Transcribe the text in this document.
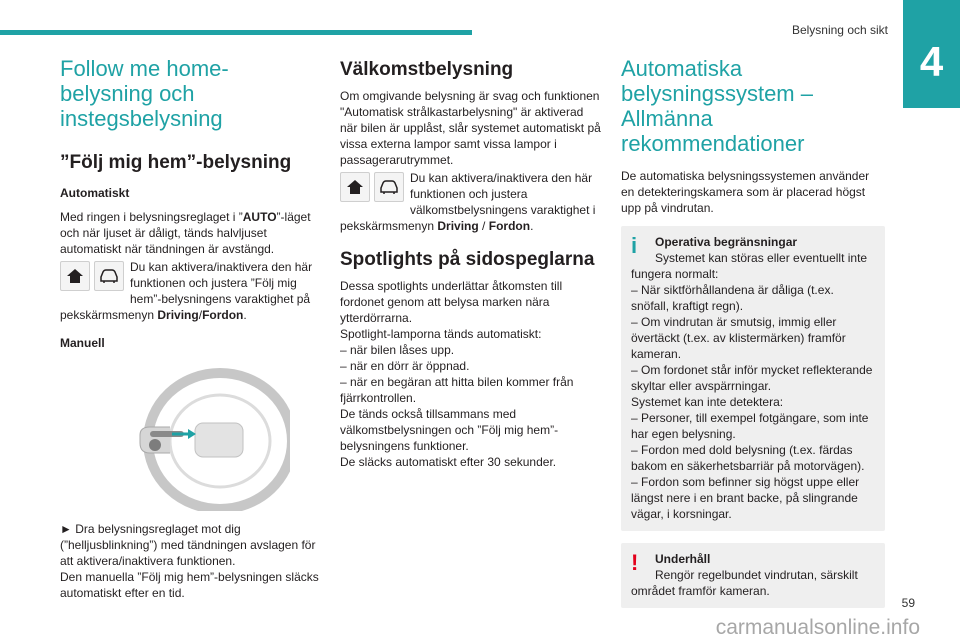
Belysning och sikt
4
Follow me home-belysning och instegsbelysning
”Följ mig hem”-belysning

Automatiskt

Med ringen i belysningsreglaget i ”AUTO”-läget och när ljuset är dåligt, tänds halvljuset automatiskt när tändningen är avstängd.

Du kan aktivera/inaktivera den här funktionen och justera ”Följ mig hem”-belysningens varaktighet på pekskärmsmenyn Driving/Fordon.

Manuell

► Dra belysningsreglaget mot dig (”helljusblinkning”) med tändningen avslagen för att aktivera/inaktivera funktionen.

Den manuella ”Följ mig hem”-belysningen släcks automatiskt efter en tid.

Välkomstbelysning

Om omgivande belysning är svag och funktionen "Automatisk strålkastarbelysning" är aktiverad när bilen är upplåst, slår systemet automatiskt på vissa externa lampor samt vissa lampor i passagerarutrymmet.

Du kan aktivera/inaktivera den här funktionen och justera välkomstbelysningens varaktighet i pekskärmsmenyn Driving / Fordon.
Spotlights på sidospeglarna

Dessa spotlights underlättar åtkomsten till fordonet genom att belysa marken nära ytterdörrarna.

Spotlight-lamporna tänds automatiskt:

– när bilen låses upp.

– när en dörr är öppnad.

– när en begäran att hitta bilen kommer från fjärrkontrollen.

De tänds också tillsammans med välkomstbelysningen och ”Följ mig hem”-belysningens funktioner.

De släcks automatiskt efter 30 sekunder.

Automatiska belysningssystem – Allmänna rekommendationer

De automatiska belysningssystemen använder en detekteringskamera som är placerad högst upp på vindrutan.

i Operativa begränsningar

Systemet kan störas eller eventuellt inte fungera normalt:

– När siktförhållandena är dåliga (t.ex. snöfall, kraftigt regn).

– Om vindrutan är smutsig, immig eller övertäckt (t.ex. av klistermärken) framför kameran.

– Om fordonet står inför mycket reflekterande skyltar eller avspärrningar.

Systemet kan inte detektera:

– Personer, till exempel fotgängare, som inte har egen belysning.

– Fordon med dold belysning (t.ex. färdas bakom en säkerhetsbarriär på motorvägen).

– Fordon som befinner sig högst uppe eller längst nere i en brant backe, på slingrande vägar, i korsningar.

! Underhåll

Rengör regelbundet vindrutan, särskilt området framför kameran.

59
carmanualsonline.info
